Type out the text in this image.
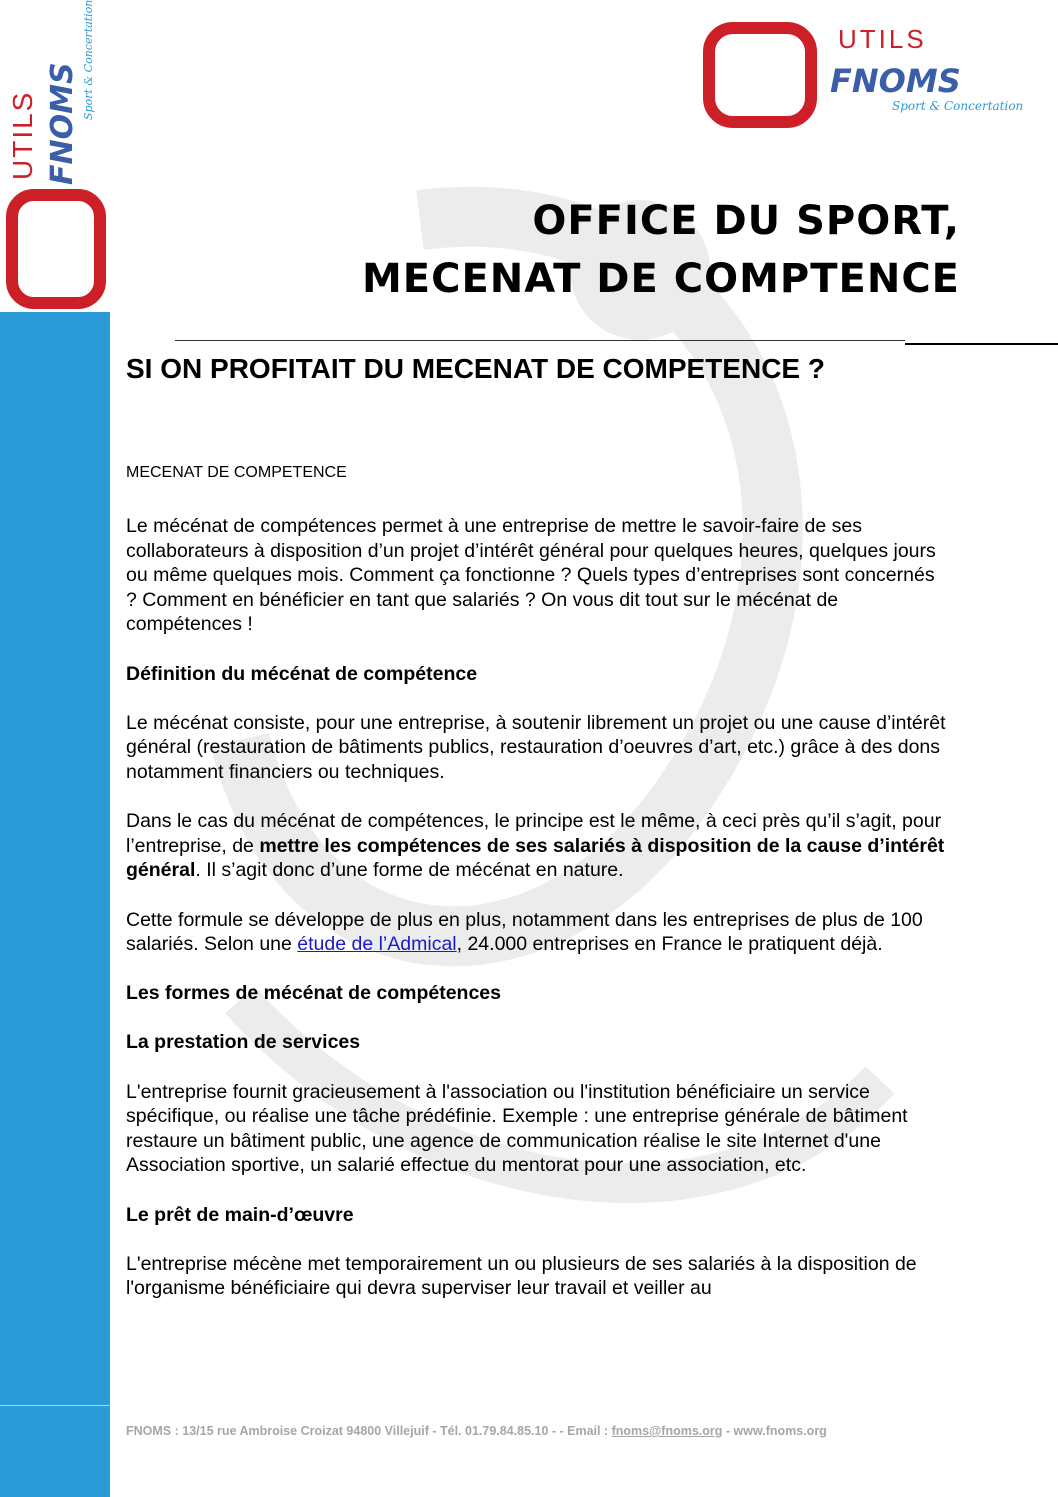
UTILS FNOMS
Sport & Concertation	UTILS
FNOMS
Sport & Concertation
OFFICE DU SPORT,
MECENAT DE COMPTENCE
SI ON PROFITAIT DU MECENAT DE COMPETENCE ?
MECENAT DE COMPETENCE

Le mécénat de compétences permet à une entreprise de mettre le savoir-faire de ses collaborateurs à disposition d’un projet d’intérêt général pour quelques heures, quelques jours ou même quelques mois. Comment ça fonctionne ? Quels types d’entreprises sont concernés ? Comment en bénéficier en tant que salariés ? On vous dit tout sur le mécénat de compétences !

Définition du mécénat de compétence

Le mécénat consiste, pour une entreprise, à soutenir librement un projet ou une cause d’intérêt général (restauration de bâtiments publics, restauration d’oeuvres d’art, etc.) grâce à des dons notamment financiers ou techniques.

Dans le cas du mécénat de compétences, le principe est le même, à ceci près qu’il s’agit, pour l’entreprise, de mettre les compétences de ses salariés à disposition de la cause d’intérêt général. Il s’agit donc d’une forme de mécénat en nature.

Cette formule se développe de plus en plus, notamment dans les entreprises de plus de 100 salariés. Selon une étude de l’Admical, 24.000 entreprises en France le pratiquent déjà.

Les formes de mécénat de compétences
La prestation de services

L'entreprise fournit gracieusement à l'association ou l'institution bénéficiaire un service spécifique, ou réalise une tâche prédéfinie. Exemple : une entreprise générale de bâtiment restaure un bâtiment public, une agence de communication réalise le site Internet d'une Association sportive, un salarié effectue du mentorat pour une association, etc.

Le prêt de main-d’œuvre

L'entreprise mécène met temporairement un ou plusieurs de ses salariés à la disposition de l'organisme bénéficiaire qui devra superviser leur travail et veiller au

FNOMS : 13/15 rue Ambroise Croizat 94800 Villejuif - Tél. 01.79.84.85.10 - - Email : fnoms@fnoms.org - www.fnoms.org
